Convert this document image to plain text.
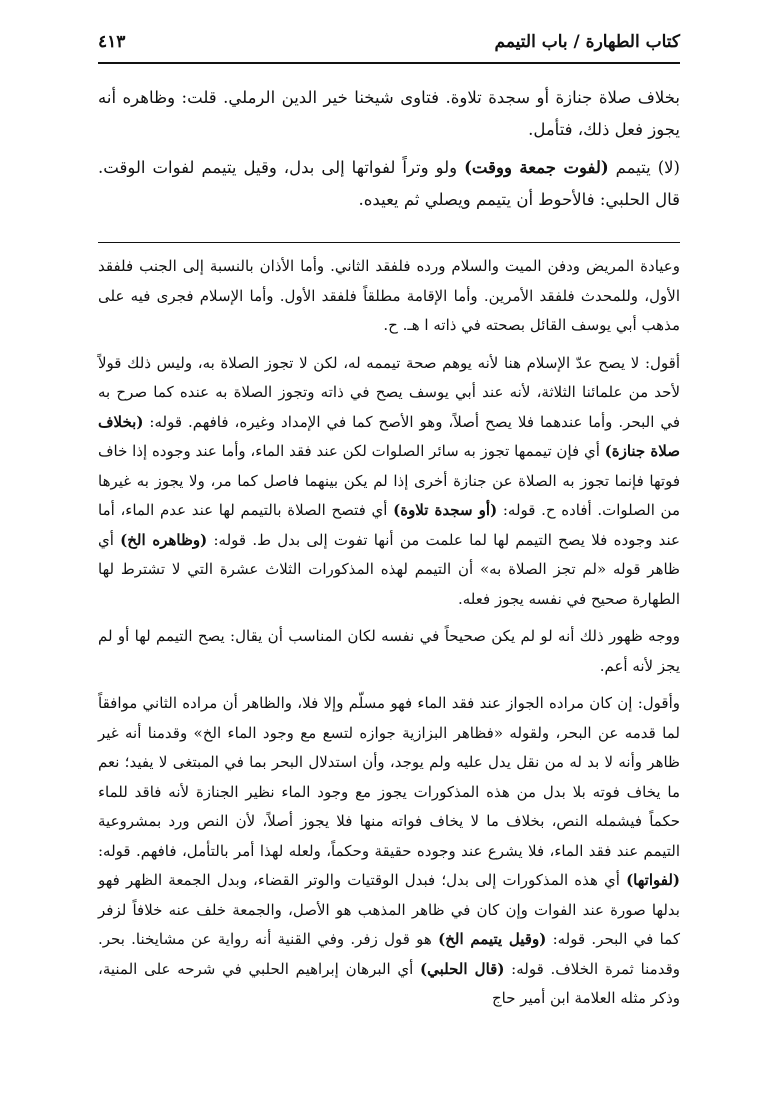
كتاب الطهارة / باب التيمم
٤١٣

بخلاف صلاة جنازة أو سجدة تلاوة. فتاوى شيخنا خير الدين الرملي. قلت: وظاهره أنه يجوز فعل ذلك، فتأمل.

(لا) يتيمم (لفوت جمعة ووقت) ولو وتراً لفواتها إلى بدل، وقيل يتيمم لفوات الوقت. قال الحلبي: فالأحوط أن يتيمم ويصلي ثم يعيده.

وعيادة المريض ودفن الميت والسلام ورده فلفقد الثاني. وأما الأذان بالنسبة إلى الجنب فلفقد الأول، وللمحدث فلفقد الأمرين. وأما الإقامة مطلقاً فلفقد الأول. وأما الإسلام فجرى فيه على مذهب أبي يوسف القائل بصحته في ذاته ا هـ. ح.

أقول: لا يصح عدّ الإسلام هنا لأنه يوهم صحة تيممه له، لكن لا تجوز الصلاة به، وليس ذلك قولاً لأحد من علمائنا الثلاثة، لأنه عند أبي يوسف يصح في ذاته وتجوز الصلاة به عنده كما صرح به في البحر. وأما عندهما فلا يصح أصلاً، وهو الأصح كما في الإمداد وغيره، فافهم. قوله: (بخلاف صلاة جنازة) أي فإن تيممها تجوز به سائر الصلوات لكن عند فقد الماء، وأما عند وجوده إذا خاف فوتها فإنما تجوز به الصلاة عن جنازة أخرى إذا لم يكن بينهما فاصل كما مر، ولا يجوز به غيرها من الصلوات. أفاده ح. قوله: (أو سجدة تلاوة) أي فتصح الصلاة بالتيمم لها عند عدم الماء، أما عند وجوده فلا يصح التيمم لها لما علمت من أنها تفوت إلى بدل ط. قوله: (وظاهره الخ) أي ظاهر قوله «لم تجز الصلاة به» أن التيمم لهذه المذكورات الثلاث عشرة التي لا تشترط لها الطهارة صحيح في نفسه يجوز فعله.

ووجه ظهور ذلك أنه لو لم يكن صحيحاً في نفسه لكان المناسب أن يقال: يصح التيمم لها أو لم يجز لأنه أعم.

وأقول: إن كان مراده الجواز عند فقد الماء فهو مسلّم وإلا فلا، والظاهر أن مراده الثاني موافقاً لما قدمه عن البحر، ولقوله «فظاهر البزازية جوازه لتسع مع وجود الماء الخ» وقدمنا أنه غير ظاهر وأنه لا بد له من نقل يدل عليه ولم يوجد، وأن استدلال البحر بما في المبتغى لا يفيد؛ نعم ما يخاف فوته بلا بدل من هذه المذكورات يجوز مع وجود الماء نظير الجنازة لأنه فاقد للماء حكماً فيشمله النص، بخلاف ما لا يخاف فواته منها فلا يجوز أصلاً، لأن النص ورد بمشروعية التيمم عند فقد الماء، فلا يشرع عند وجوده حقيقة وحكماً، ولعله لهذا أمر بالتأمل، فافهم. قوله: (لفواتها) أي هذه المذكورات إلى بدل؛ فبدل الوقتيات والوتر القضاء، وبدل الجمعة الظهر فهو بدلها صورة عند الفوات وإن كان في ظاهر المذهب هو الأصل، والجمعة خلف عنه خلافاً لزفر كما في البحر. قوله: (وقيل يتيمم الخ) هو قول زفر. وفي القنية أنه رواية عن مشايخنا. بحر. وقدمنا ثمرة الخلاف. قوله: (قال الحلبي) أي البرهان إبراهيم الحلبي في شرحه على المنية، وذكر مثله العلامة ابن أمير حاج
